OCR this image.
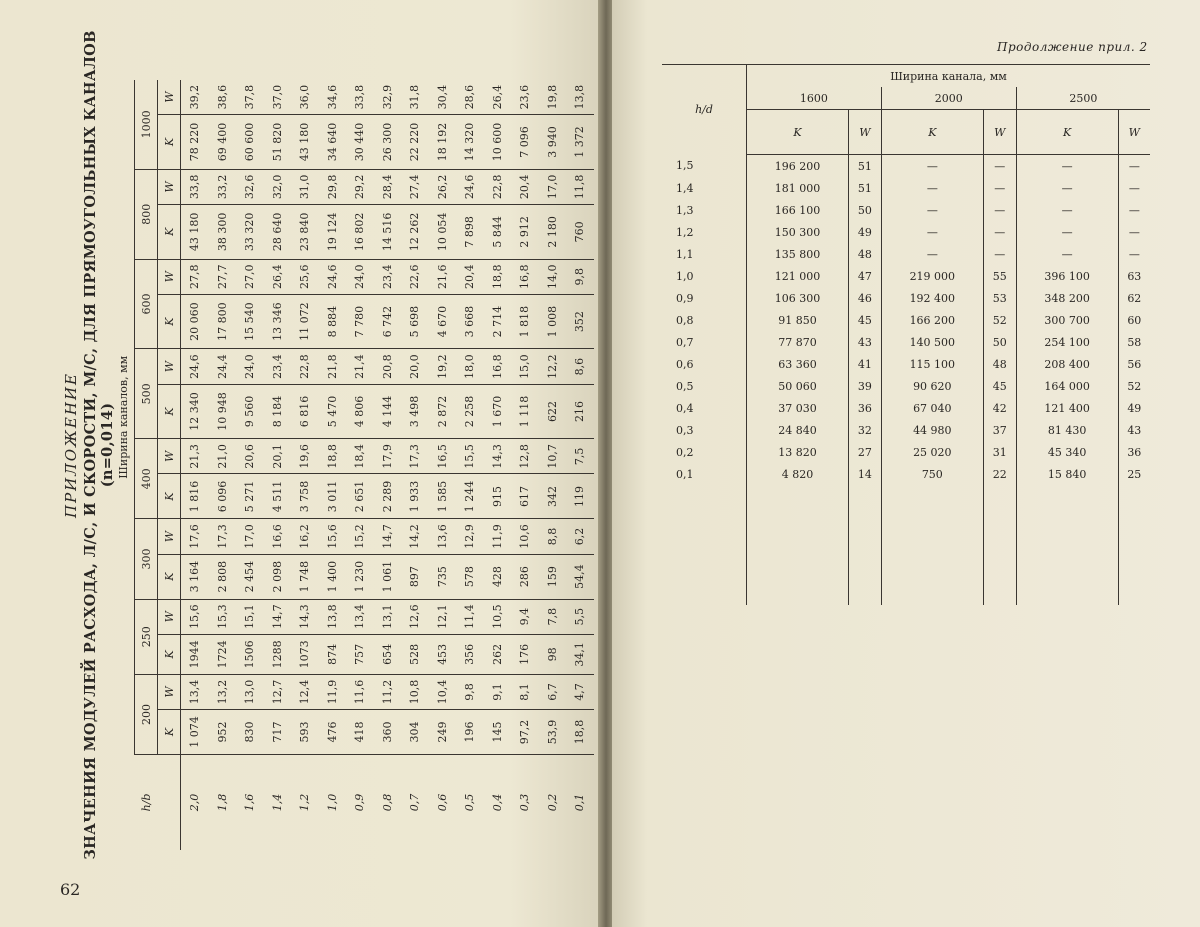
ПРИЛОЖЕНИЕ ЗНАЧЕНИЯ МОДУЛЕЙ РАСХОДА, Л/С, И СКОРОСТИ, М/С, ДЛЯ ПРЯМОУГОЛЬНЫХ КАНАЛОВ (n=0,014)
h/b	Ширина каналов, мм															
	200		250		300		400		500		600		800		1000	
	K	W	K	W	K	W	K	W	K	W	K	W	K	W	K	W
2,0	1 074	13,4	1944	15,6	3 164	17,6	1 816	21,3	12 340	24,6	20 060	27,8	43 180	33,8	78 220	39,2
1,8	952	13,2	1724	15,3	2 808	17,3	6 096	21,0	10 948	24,4	17 800	27,7	38 300	33,2	69 400	38,6
1,6	830	13,0	1506	15,1	2 454	17,0	5 271	20,6	9 560	24,0	15 540	27,0	33 320	32,6	60 600	37,8
1,4	717	12,7	1288	14,7	2 098	16,6	4 511	20,1	8 184	23,4	13 346	26,4	28 640	32,0	51 820	37,0
1,2	593	12,4	1073	14,3	1 748	16,2	3 758	19,6	6 816	22,8	11 072	25,6	23 840	31,0	43 180	36,0
1,0	476	11,9	874	13,8	1 400	15,6	3 011	18,8	5 470	21,8	8 884	24,6	19 124	29,8	34 640	34,6
0,9	418	11,6	757	13,4	1 230	15,2	2 651	18,4	4 806	21,4	7 780	24,0	16 802	29,2	30 440	33,8
0,8	360	11,2	654	13,1	1 061	14,7	2 289	17,9	4 144	20,8	6 742	23,4	14 516	28,4	26 300	32,9
0,7	304	10,8	528	12,6	897	14,2	1 933	17,3	3 498	20,0	5 698	22,6	12 262	27,4	22 220	31,8
0,6	249	10,4	453	12,1	735	13,6	1 585	16,5	2 872	19,2	4 670	21,6	10 054	26,2	18 192	30,4
0,5	196	9,8	356	11,4	578	12,9	1 244	15,5	2 258	18,0	3 668	20,4	7 898	24,6	14 320	28,6
0,4	145	9,1	262	10,5	428	11,9	915	14,3	1 670	16,8	2 714	18,8	5 844	22,8	10 600	26,4
0,3	97,2	8,1	176	9,4	286	10,6	617	12,8	1 118	15,0	1 818	16,8	2 912	20,4	7 096	23,6
0,2	53,9	6,7	98	7,8	159	8,8	342	10,7	622	12,2	1 008	14,0	2 180	17,0	3 940	19,8
0,1	18,8	4,7	34,1	5,5	54,4	6,2	119	7,5	216	8,6	352	9,8	760	11,8	1 372	13,8
62
Продолжение прил. 2
h/d	Ширина канала, мм					
	1600		2000		2500	
	K	W	K	W	K	W
1,5	196 200	51	—	—	—	—
1,4	181 000	51	—	—	—	—
1,3	166 100	50	—	—	—	—
1,2	150 300	49	—	—	—	—
1,1	135 800	48	—	—	—	—
1,0	121 000	47	219 000	55	396 100	63
0,9	106 300	46	192 400	53	348 200	62
0,8	91 850	45	166 200	52	300 700	60
0,7	77 870	43	140 500	50	254 100	58
0,6	63 360	41	115 100	48	208 400	56
0,5	50 060	39	90 620	45	164 000	52
0,4	37 030	36	67 040	42	121 400	49
0,3	24 840	32	44 980	37	81 430	43
0,2	13 820	27	25 020	31	45 340	36
0,1	4 820	14	750	22	15 840	25
